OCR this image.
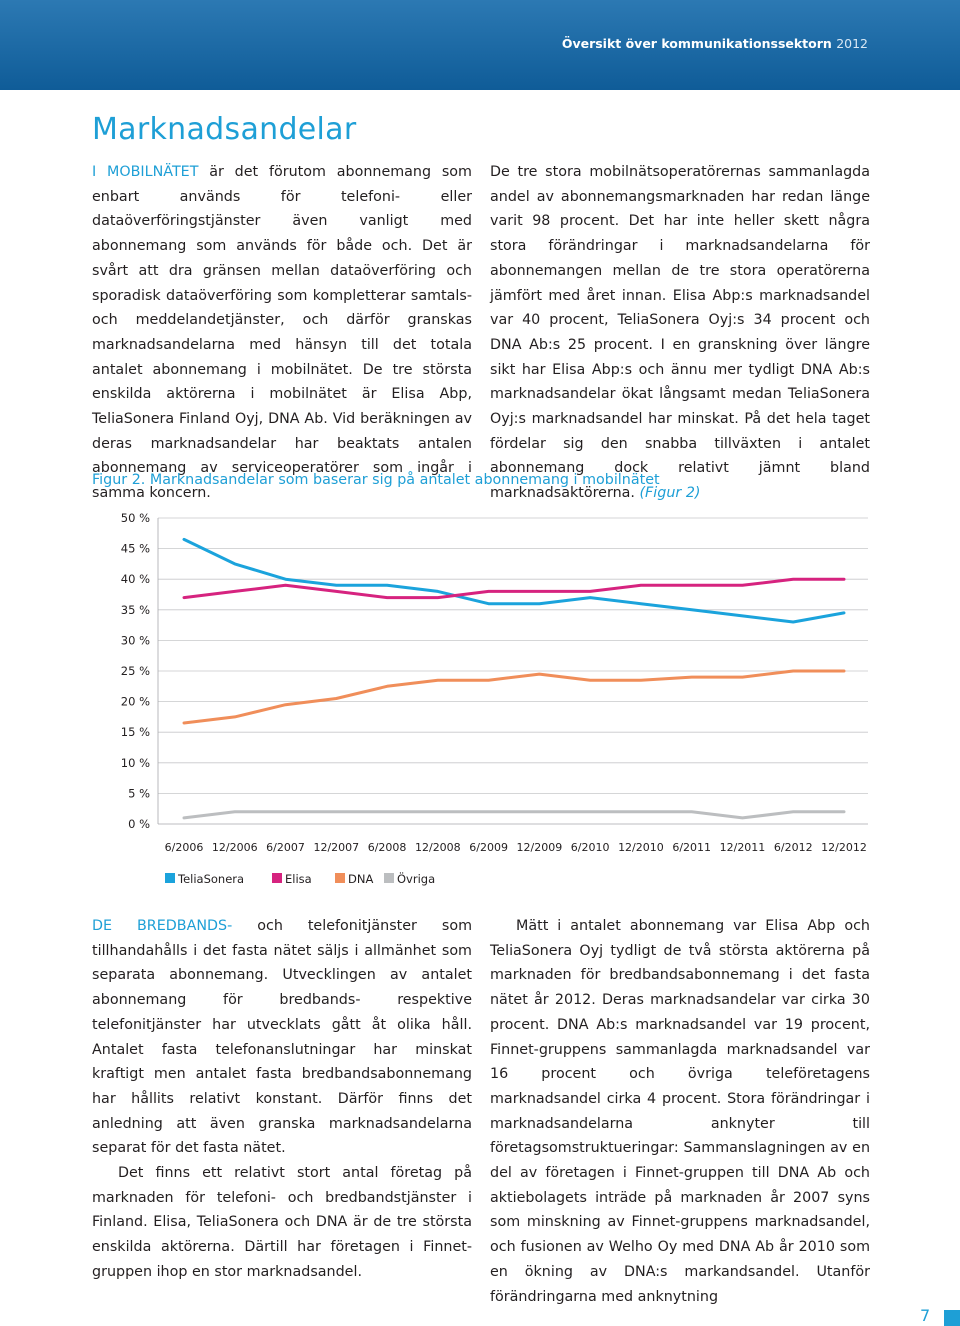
Översikt över kommunikationssektorn 2012
Marknadsandelar

I MOBILNÄTET är det förutom abonnemang som enbart används för telefoni- eller dataöverföringstjänster även vanligt med abonnemang som används för både och. Det är svårt att dra gränsen mellan dataöverföring och sporadisk dataöverföring som kompletterar samtals- och meddelandetjänster, och därför granskas marknadsandelarna med hänsyn till det totala antalet abonnemang i mobilnätet. De tre största enskilda aktörerna i mobilnätet är Elisa Abp, TeliaSonera Finland Oyj, DNA Ab. Vid beräkningen av deras marknadsandelar har beaktats antalen abonnemang av serviceoperatörer som ingår i samma koncern.

De tre stora mobilnätsoperatörernas sammanlagda andel av abonnemangsmarknaden har redan länge varit 98 procent. Det har inte heller skett några stora förändringar i marknadsandelarna för abonnemangen mellan de tre stora operatörerna jämfört med året innan. Elisa Abp:s marknadsandel var 40 procent, TeliaSonera Oyj:s 34 procent och DNA Ab:s 25 procent. I en granskning över längre sikt har Elisa Abp:s och ännu mer tydligt DNA Ab:s marknadsandelar ökat långsamt medan TeliaSonera Oyj:s marknadsandel har minskat. På det hela taget fördelar sig den snabba tillväxten i antalet abonnemang dock relativt jämnt bland marknadsaktörerna. (Figur 2)

Figur 2. Marknadsandelar som baserar sig på antalet abonnemang i mobilnätet
50 %
45 %
40 %
35 %
30 %
25 %
20 %
15 %
10 %
5 %
0 %
6/2006 12/2006 6/2007 12/2007 6/2008 12/2008 6/2009 12/2009 6/2010 12/2010 6/2011 12/2011 6/2012 12/2012
TeliaSonera	Elisa	DNA Övriga

DE BREDBANDS- och telefonitjänster som tillhandahålls i det fasta nätet säljs i allmänhet som separata abonnemang. Utvecklingen av antalet abonnemang för bredbands- respektive telefonitjänster har utvecklats gått åt olika håll. Antalet fasta telefonanslutningar har minskat kraftigt men antalet fasta bredbandsabonnemang har hållits relativt konstant. Därför finns det anledning att även granska marknadsandelarna separat för det fasta nätet.

Det finns ett relativt stort antal företag på marknaden för telefoni- och bredbandstjänster i Finland. Elisa, TeliaSonera och DNA är de tre största enskilda aktörerna. Därtill har företagen i Finnet-gruppen ihop en stor marknadsandel.

Mätt i antalet abonnemang var Elisa Abp och TeliaSonera Oyj tydligt de två största aktörerna på marknaden för bredbandsabonnemang i det fasta nätet år 2012. Deras marknadsandelar var cirka 30 procent. DNA Ab:s marknadsandel var 19 procent, Finnet-gruppens sammanlagda marknadsandel var 16 procent och övriga teleföretagens marknadsandel cirka 4 procent. Stora förändringar i marknadsandelarna anknyter till företagsomstruktueringar: Sammanslagningen av en del av företagen i Finnet-gruppen till DNA Ab och aktiebolagets inträde på marknaden år 2007 syns som minskning av Finnet-gruppens marknadsandel, och fusionen av Welho Oy med DNA Ab år 2010 som en ökning av DNA:s markandsandel. Utanför förändringarna med anknytning

7
